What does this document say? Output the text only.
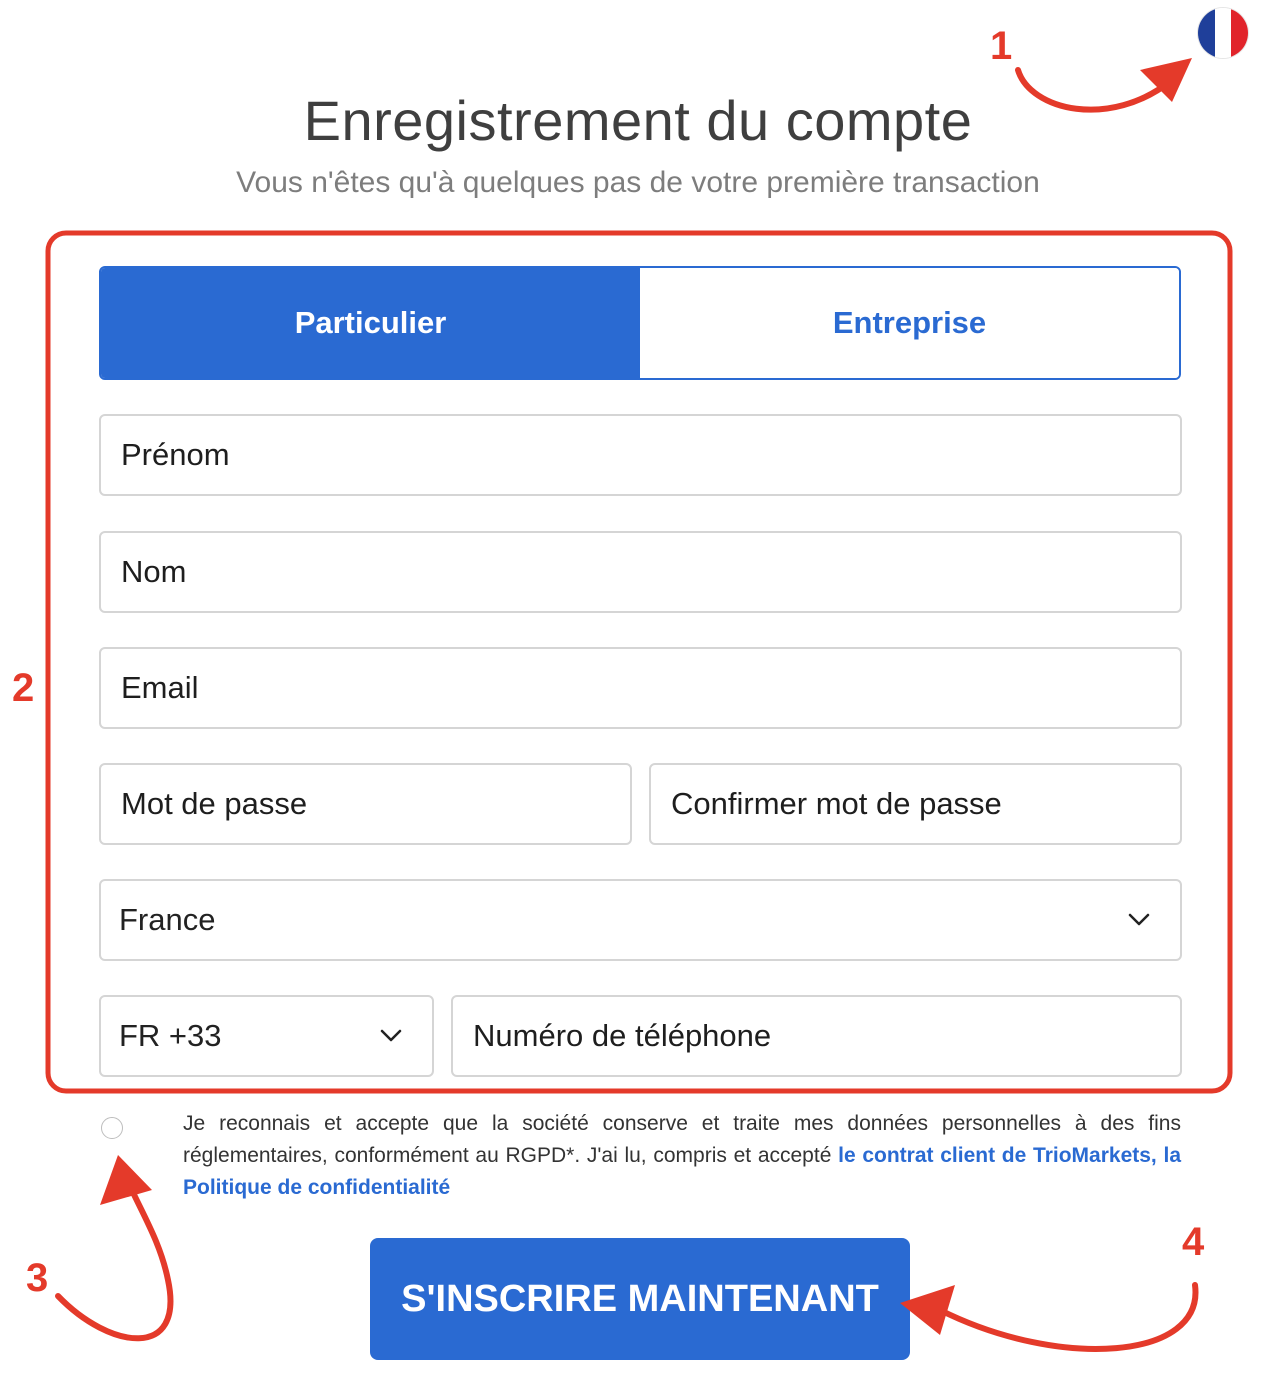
Enregistrement du compte
Vous n'êtes qu'à quelques pas de votre première transaction
Particulier	Entreprise
Prénom
Nom
Email
France
FR +33
Numéro de téléphone
Je reconnais et accepte que la société conserve et traite mes données personnelles à des fins réglementaires, conformément au RGPD*. J'ai lu, compris et accepté le contrat client de TrioMarkets, la Politique de confidentialité
S'INSCRIRE MAINTENANT
1
2
3
4
